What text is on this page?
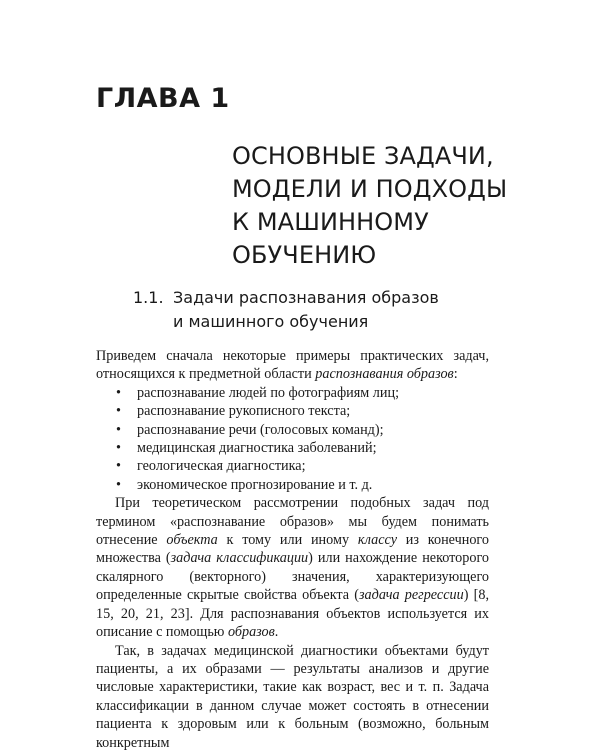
ГЛАВА 1
ОСНОВНЫЕ ЗАДАЧИ,
МОДЕЛИ И ПОДХОДЫ
К МАШИННОМУ
ОБУЧЕНИЮ
1.1. Задачи распознавания образов
и машинного обучения

Приведем сначала некоторые примеры практических задач, относящихся к предметной области распознавания образов:

• распознавание людей по фотографиям лиц;
• распознавание рукописного текста;
• распознавание речи (голосовых команд);
• медицинская диагностика заболеваний;
• геологическая диагностика;
• экономическое прогнозирование и т. д.

При теоретическом рассмотрении подобных задач под термином «распознавание образов» мы будем понимать отнесение объекта к тому или иному классу из конечного множества (задача классификации) или нахождение некоторого скалярного (векторного) значения, характеризующего определенные скрытые свойства объекта (задача регрессии) [8, 15, 20, 21, 23]. Для распознавания объектов используется их описание с помощью образов.

Так, в задачах медицинской диагностики объектами будут пациенты, а их образами — результаты анализов и другие числовые характеристики, такие как возраст, вес и т. п. Задача классификации в данном случае может состоять в отнесении пациента к здоровым или к больным (возможно, больным конкретным
